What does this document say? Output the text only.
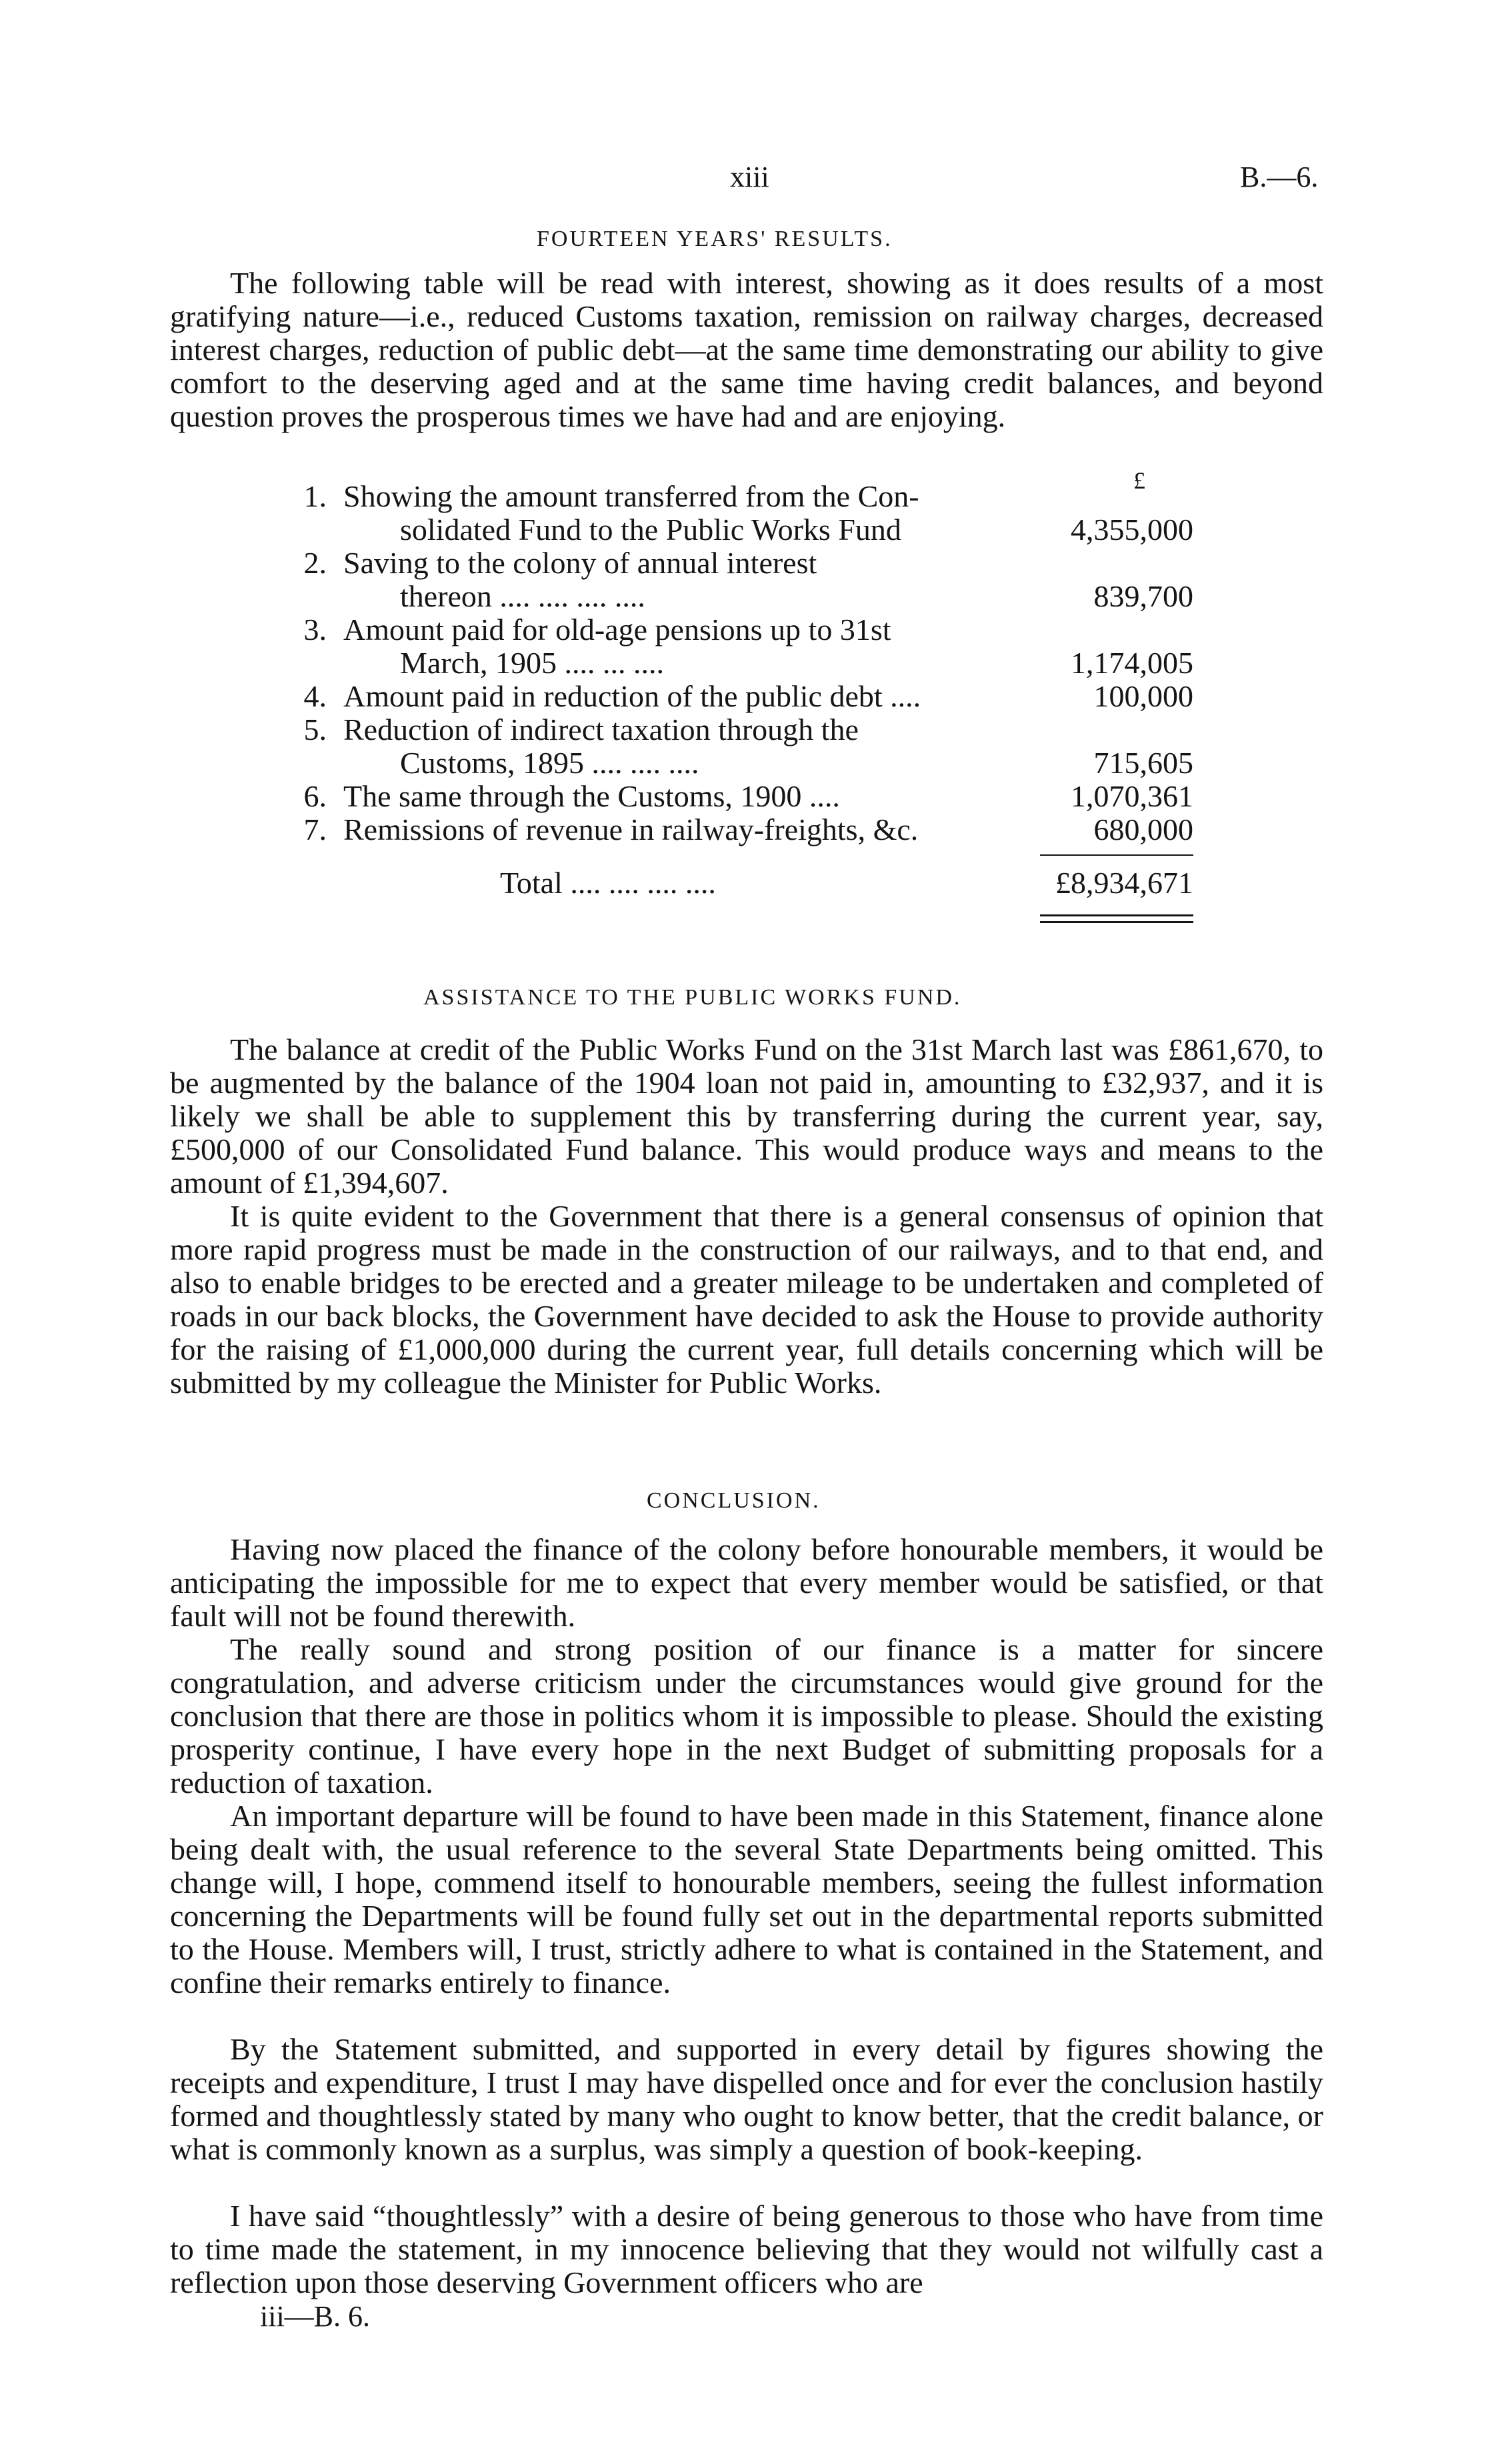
xiii	B.—6.
FOURTEEN YEARS' RESULTS.
The following table will be read with interest, showing as it does results of a most gratifying nature—i.e., reduced Customs taxation, remission on railway charges, decreased interest charges, reduction of public debt—at the same time demonstrating our ability to give comfort to the deserving aged and at the same time having credit balances, and beyond question proves the prosperous times we have had and are enjoying.
£
1. Showing the amount transferred from the Con-
solidated Fund to the Public Works Fund	4,355,000
2. Saving to the colony of annual interest
thereon .... .... .... ....	839,700
3. Amount paid for old-age pensions up to 31st
March, 1905 .... ... ....	1,174,005
4. Amount paid in reduction of the public debt ....	100,000
5. Reduction of indirect taxation through the
Customs, 1895 .... .... ....	715,605
6. The same through the Customs, 1900 ....	1,070,361
7. Remissions of revenue in railway-freights, &c.	680,000
Total .... .... .... ....	£8,934,671
ASSISTANCE TO THE PUBLIC WORKS FUND.
The balance at credit of the Public Works Fund on the 31st March last was £861,670, to be augmented by the balance of the 1904 loan not paid in, amounting to £32,937, and it is likely we shall be able to supplement this by transferring during the current year, say, £500,000 of our Consolidated Fund balance. This would produce ways and means to the amount of £1,394,607.
It is quite evident to the Government that there is a general consensus of opinion that more rapid progress must be made in the construction of our railways, and to that end, and also to enable bridges to be erected and a greater mileage to be undertaken and completed of roads in our back blocks, the Government have decided to ask the House to provide authority for the raising of £1,000,000 during the current year, full details concerning which will be submitted by my colleague the Minister for Public Works.
CONCLUSION.
Having now placed the finance of the colony before honourable members, it would be anticipating the impossible for me to expect that every member would be satisfied, or that fault will not be found therewith.
The really sound and strong position of our finance is a matter for sincere congratulation, and adverse criticism under the circumstances would give ground for the conclusion that there are those in politics whom it is impossible to please. Should the existing prosperity continue, I have every hope in the next Budget of submitting proposals for a reduction of taxation.
An important departure will be found to have been made in this Statement, finance alone being dealt with, the usual reference to the several State Departments being omitted. This change will, I hope, commend itself to honourable members, seeing the fullest information concerning the Departments will be found fully set out in the departmental reports submitted to the House. Members will, I trust, strictly adhere to what is contained in the Statement, and confine their remarks entirely to finance.
By the Statement submitted, and supported in every detail by figures showing the receipts and expenditure, I trust I may have dispelled once and for ever the conclusion hastily formed and thoughtlessly stated by many who ought to know better, that the credit balance, or what is commonly known as a surplus, was simply a question of book-keeping.
I have said “thoughtlessly” with a desire of being generous to those who have from time to time made the statement, in my innocence believing that they would not wilfully cast a reflection upon those deserving Government officers who are
iii—B. 6.
